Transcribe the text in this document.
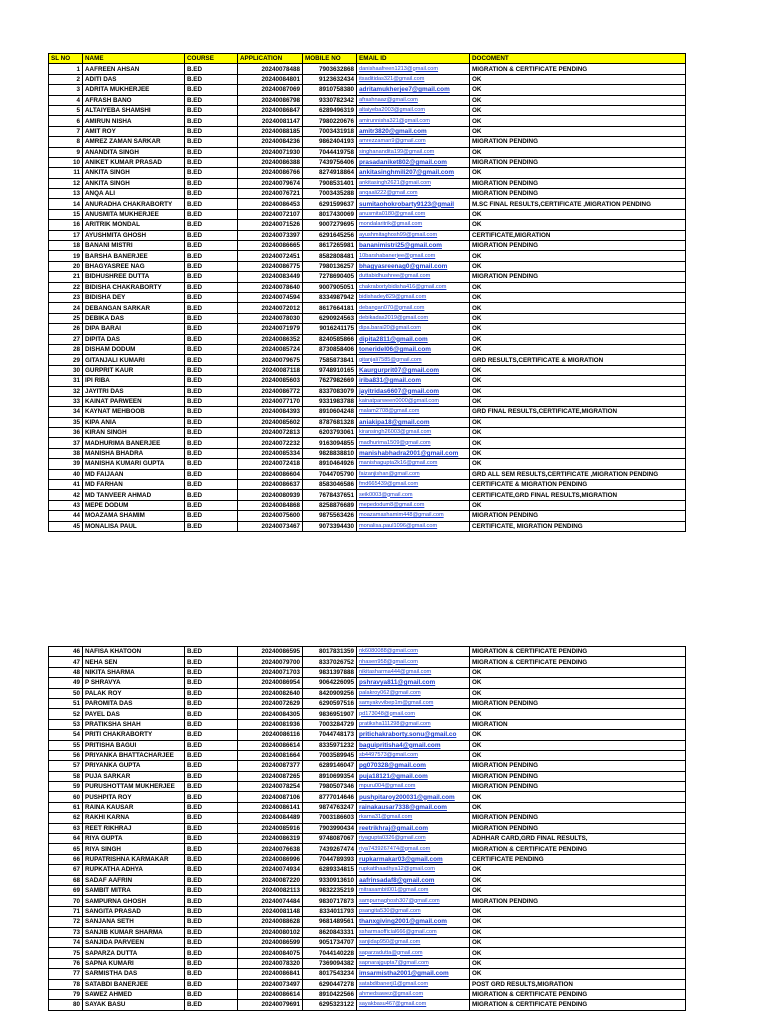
SL NO	NAME	COURSE	APPLICATION	MOBILE NO	EMAIL ID	DOCOMENT
1	AAFREEN AHSAN	B.ED	20240078488	7903632868	danishaafreen1213@gmail.com	MIGRATION & CERTIFICATE PENDING
2	ADITI DAS	B.ED	20240084801	9123632434	itsaditidas321@gmail.com	OK
3	ADRITA MUKHERJEE	B.ED	20240087069	8910758380	adritamukherjee7@gmail.com	OK
4	AFRASH BANO	B.ED	20240086798	9330782342	afrashnaaz@gmail.com	OK
5	ALTAIYEBA SHAMSHI	B.ED	20240086847	6289496319	altaiyeba2003@gmail.com	OK
6	AMIRUN NISHA	B.ED	20240081147	7980220676	amirunnisha321@gmail.com	OK
7	AMIT ROY	B.ED	20240088185	7003431918	amitr3820@gmail.com	OK
8	AMREZ ZAMAN SARKAR	B.ED	20240084236	9862404193	amrezzaman9@gmail.com	MIGRATION PENDING
9	ANANDITA SINGH	B.ED	20240071930	7044419758	singhanandita199@gmail.com	OK
10	ANIKET KUMAR PRASAD	B.ED	20240086388	7439756406	prasadaniket802@gmail.com	MIGRATION PENDING
11	ANKITA SINGH	B.ED	20240086766	8274918864	ankitasinghmili207@gmail.com	OK
12	ANKITA SINGH	B.ED	20240079674	7908531401	ankitasingh2621@gmail.com	MIGRATION PENDING
13	ANQA ALI	B.ED	20240076721	7003435288	anqaali222@gmail.com	MIGRATION PENDING
14	ANURADHA CHAKRABORTY	B.ED	20240086453	6291599637	sumitaohokrobarty9123@gmail	M.SC FINAL RESULTS,CERTIFICATE ,MIGRATION PENDING
15	ANUSMITA MUKHERJEE	B.ED	20240072107	8017430069	anusmita0180@gmail.com	OK
16	ARITRIK MONDAL	B.ED	20240071526	9007279695	mondalaritrik@gmail.com	OK
17	AYUSHMITA GHOSH	B.ED	20240073397	6291645256	ayushmitaghosh99@gmail.com	CERTIFICATE,MIGRATION
18	BANANI MISTRI	B.ED	20240086665	8617265981	bananimistri25@gmail.com	MIGRATION PENDING
19	BARSHA BANERJEE	B.ED	20240072451	8582808481	10barshabanerjee@gmail.com	OK
20	BHAGYASREE NAG	B.ED	20240086775	7980136257	bhagyasreenag0@gmail.com	OK
21	BIDHUSHREE DUTTA	B.ED	20240083449	7278690405	duttabidhushree@gmail.com	MIGRATION PENDING
22	BIDISHA CHAKRABORTY	B.ED	20240078640	9007905051	chakrabortybidisha416@gmail.com	OK
23	BIDISHA DEY	B.ED	20240074594	8334987942	bidishadey829@gmail.com	OK
24	DEBANGAN SARKAR	B.ED	20240072012	8617664181	debangan070@gmail.com	OK
25	DEBIKA DAS	B.ED	20240078030	6290924563	debikadas2019@gmail.com	OK
26	DIPA BARAI	B.ED	20240071979	9016241175	dipa.barai20@gmail.com	OK
27	DIPITA DAS	B.ED	20240086352	8240585866	dipita2811@gmail.com	OK
28	DISHAM DODUM	B.ED	20240085724	8730858406	tonerideI06@gmail.com	OK
29	GITANJALI KUMARI	B.ED	20240079675	7585873841	gitanjali7585@gmail.com	GRD RESULTS,CERTIFICATE & MIGRATION
30	GURPRIT KAUR	B.ED	20240087118	9748910165	Kaurgurprit07@gmail.com	OK
31	IPI RIBA	B.ED	20240085603	7627982669	iriba831@gmail.com	OK
32	JAYITRI DAS	B.ED	20240086772	8337083079	jayitridas6607@gmail.com	OK
33	KAINAT PARWEEN	B.ED	20240077170	9331983788	kainatparween0000@gmail.com	OK
34	KAYNAT MEHBOOB	B.ED	20240084393	8910604248	malam2708@gmail.com	GRD FINAL RESULTS,CERTIFICATE,MIGRATION
35	KIPA ANIA	B.ED	20240085602	8787681328	aniakipa18@gmail.com	OK
36	KIRAN SINGH	B.ED	20240072813	6203793061	kiransingh26003@gmail.com	OK
37	MADHURIMA BANERJEE	B.ED	20240072232	9163094855	madhurima1509@gmail.com	OK
38	MANISHA BHADRA	B.ED	20240085334	9828838810	manishabhadra2001@gmail.com	OK
39	MANISHA KUMARI GUPTA	B.ED	20240072418	8910464926	manishagupta2k16@gmail.com	OK
40	MD FAIJAAN	B.ED	20240086604	7044705790	faizanjishan@gmail.com	GRD ALL SEM RESULTS,CERTIFICATE ,MIGRATION PENDING
41	MD FARHAN	B.ED	20240086637	8583046586	fmd665439@gmail.com	CERTIFICATE & MIGRATION PENDING
42	MD TANVEER AHMAD	B.ED	20240080939	7678437651	seik0003@gmail.com	CERTIFICATE,GRD FINAL RESULTS,MIGRATION
43	MEPE DODUM	B.ED	20240084868	8258876689	mepedodum8@gmail.com	OK
44	MOAZAMA SHAMIM	B.ED	20240075600	9875563426	moazamashamim448@gmail.com	MIGRATION PENDING
45	MONALISA PAUL	B.ED	20240073467	9073394430	monalisa.paul1096@gmail.com	CERTIFICATE, MIGRATION PENDING
46	NAFISA KHATOON	B.ED	20240086595	8017831359	nk6080088@gmail.com	MIGRATION & CERTIFICATE PENDING
47	NEHA SEN	B.ED	20240079700	8337026752	nhasen958@gmail.com	MIGRATION & CERTIFICATE PENDING
48	NIKITA SHARMA	B.ED	20240071703	9831397888	nikitasharma444@gmail.com	OK
49	P SHRAVYA	B.ED	20240086954	9064226095	pshravya811@gmail.com	OK
50	PALAK ROY	B.ED	20240082640	8420909256	palakroy062@gmail.com	OK
51	PAROMITA DAS	B.ED	20240072629	6290597516	samyakvvibep1m@gmail.com	MIGRATION PENDING
52	PAYEL DAS	B.ED	20240084305	9836951907	pd173048@gmail.com	OK
53	PRATIKSHA SHAH	B.ED	20240081936	7003284729	pratiksha111298@gmail.com	MIGRATION
54	PRITI CHAKRABORTY	B.ED	20240086116	7044748173	pritichakraborty.sonu@gmail.co	OK
55	PRITISHA BAGUI	B.ED	20240086614	8335971232	baguipritisha4@gmail.com	OK
56	PRIYANKA BHATTACHARJEE	B.ED	20240081664	7003589945	sb4497573@gmail.com	OK
57	PRIYANKA GUPTA	B.ED	20240087377	6289146047	pg070328@gmail.com	MIGRATION PENDING
58	PUJA SARKAR	B.ED	20240087265	8910699354	puja18121@gmail.com	MIGRATION PENDING
59	PURUSHOTTAM MUKHERJEE	B.ED	20240078254	7980507346	mpuru004@gmail.com	MIGRATION PENDING
60	PUSHPITA ROY	B.ED	20240087106	8777014646	pushpitaroy200031@gmail.com	OK
61	RAINA KAUSAR	B.ED	20240086141	9874763247	rainakausar7338@gmail.com	OK
62	RAKHI KARNA	B.ED	20240084489	7003186603	rkarna31@gmail.com	MIGRATION PENDING
63	REET RIKHRAJ	B.ED	20240085916	7903990434	reetrikhraj@gmail.com	MIGRATION PENDING
64	RIYA GUPTA	B.ED	20240086319	9748087067	riyagupta0326@gmail.com	ADHHAR CARD,GRD FINAL RESULTS,
65	RIYA SINGH	B.ED	20240076638	7439267474	riya7439267474@gmail.com	MIGRATION & CERTIFICATE PENDING
66	RUPATRISHNA KARMAKAR	B.ED	20240086996	7044789393	rupkarmakar03@gmail.com	CERTIFICATE PENDING
67	RUPKATHA ADHYA	B.ED	20240074934	6289334815	rupkatthaadhya12@gmail.com	OK
68	SADAF AAFRIN	B.ED	20240087220	9330913610	aafrinsadaf8@gmail.com	OK
69	SAMBIT MITRA	B.ED	20240082113	9832235219	mitrasambit001@gmail.com	OK
70	SAMPURNA GHOSH	B.ED	20240074484	9830717873	sampurnaghosh307@gmail.com	MIGRATION PENDING
71	SANGITA PRASAD	B.ED	20240081148	8334011793	psangita530@gmail.com	OK
72	SANJANA SETH	B.ED	20240088628	9681489561	thanxgiving2001@gmail.com	OK
73	SANJIB KUMAR SHARMA	B.ED	20240080102	8620843331	ssharmaofficial666@gmail.com	OK
74	SANJIDA PARVEEN	B.ED	20240086599	9051734707	sanjidap950@gmail.com	OK
75	SAPARZA DUTTA	B.ED	20240084075	7044140228	saparzadutta@gmail.com	OK
76	SAPNA KUMARI	B.ED	20240078320	7369094382	sapnarajgupta7@gmail.com	OK
77	SARMISTHA DAS	B.ED	20240086841	8017543234	imsarmistha2001@gmail.com	OK
78	SATABDI BANERJEE	B.ED	20240073497	6290447278	satabdibanerji1@gmail.com	POST GRD RESULTS,MIGRATION
79	SAWEZ AHMED	B.ED	20240086614	8910422566	ahmedsawez@gmail.com	MIGRATION & CERTIFICATE PENDING
80	SAYAK BASU	B.ED	20240079691	6295323122	sayakbasu467@gmail.com	MIGRATION & CERTIFICATE PENDING
